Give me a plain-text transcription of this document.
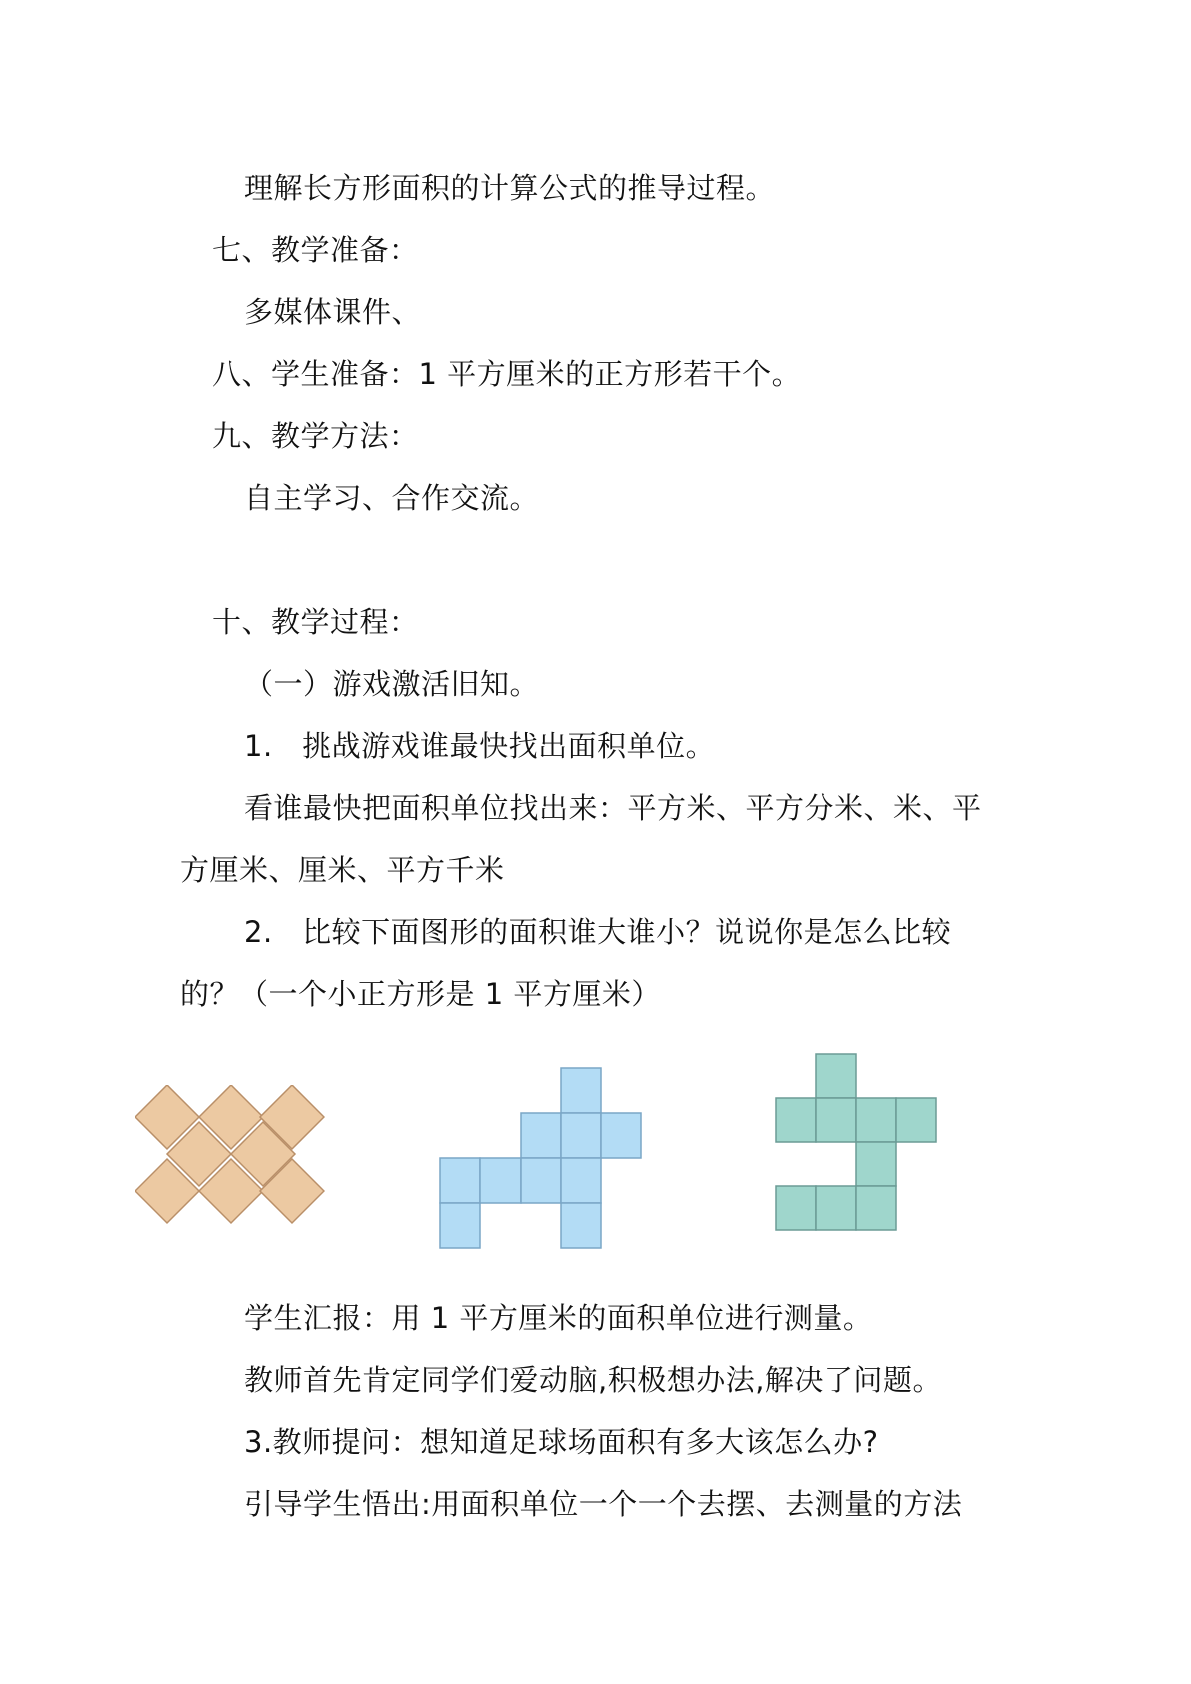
理解长方形面积的计算公式的推导过程。
七、教学准备：
多媒体课件、
八、学生准备：1 平方厘米的正方形若干个。
九、教学方法：
自主学习、合作交流。
十、教学过程：
（一）游戏激活旧知。
1.　挑战游戏谁最快找出面积单位。
看谁最快把面积单位找出来：平方米、平方分米、米、平
方厘米、厘米、平方千米
2.　比较下面图形的面积谁大谁小？说说你是怎么比较
的？（一个小正方形是 1 平方厘米）
学生汇报：用 1 平方厘米的面积单位进行测量。
教师首先肯定同学们爱动脑,积极想办法,解决了问题。
3.教师提问：想知道足球场面积有多大该怎么办?
引导学生悟出:用面积单位一个一个去摆、去测量的方法
